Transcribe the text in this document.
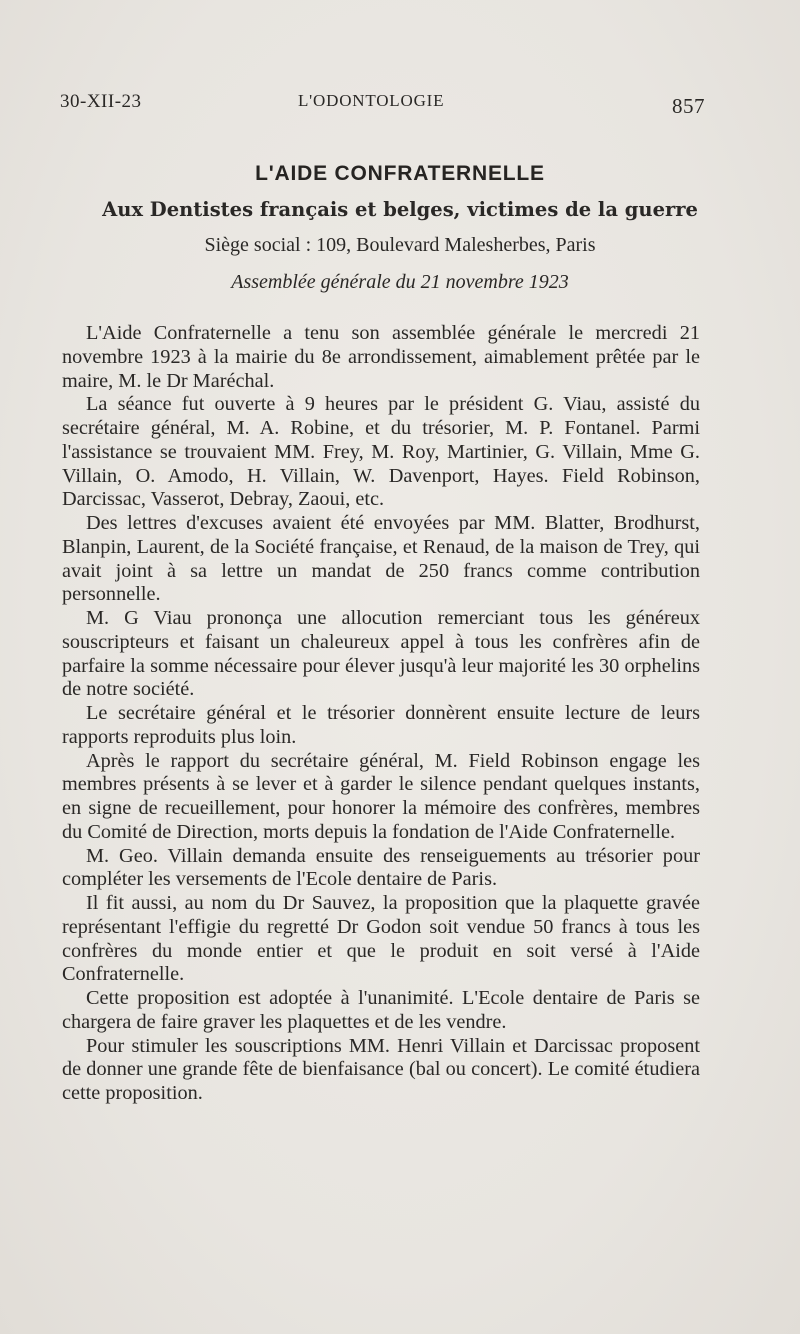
30-XII-23	L'ODONTOLOGIE	857
L'AIDE CONFRATERNELLE
Aux Dentistes français et belges, victimes de la guerre
Siège social : 109, Boulevard Malesherbes, Paris
Assemblée générale du 21 novembre 1923

L'Aide Confraternelle a tenu son assemblée générale le mercredi 21 novembre 1923 à la mairie du 8e arrondissement, aimablement prêtée par le maire, M. le Dr Maréchal.

La séance fut ouverte à 9 heures par le président G. Viau, assisté du secrétaire général, M. A. Robine, et du trésorier, M. P. Fontanel. Parmi l'assistance se trouvaient MM. Frey, M. Roy, Martinier, G. Villain, Mme G. Villain, O. Amodo, H. Villain, W. Davenport, Hayes. Field Robinson, Darcissac, Vasserot, Debray, Zaoui, etc.

Des lettres d'excuses avaient été envoyées par MM. Blatter, Brodhurst, Blanpin, Laurent, de la Société française, et Renaud, de la maison de Trey, qui avait joint à sa lettre un mandat de 250 francs comme contribution personnelle.

M. G Viau prononça une allocution remerciant tous les généreux souscripteurs et faisant un chaleureux appel à tous les confrères afin de parfaire la somme nécessaire pour élever jusqu'à leur majorité les 30 orphelins de notre société.

Le secrétaire général et le trésorier donnèrent ensuite lecture de leurs rapports reproduits plus loin.

Après le rapport du secrétaire général, M. Field Robinson engage les membres présents à se lever et à garder le silence pendant quelques instants, en signe de recueillement, pour honorer la mémoire des confrères, membres du Comité de Direction, morts depuis la fondation de l'Aide Confraternelle.

M. Geo. Villain demanda ensuite des renseiguements au trésorier pour compléter les versements de l'Ecole dentaire de Paris.

Il fit aussi, au nom du Dr Sauvez, la proposition que la plaquette gravée représentant l'effigie du regretté Dr Godon soit vendue 50 francs à tous les confrères du monde entier et que le produit en soit versé à l'Aide Confraternelle.

Cette proposition est adoptée à l'unanimité. L'Ecole dentaire de Paris se chargera de faire graver les plaquettes et de les vendre.

Pour stimuler les souscriptions MM. Henri Villain et Darcissac proposent de donner une grande fête de bienfaisance (bal ou concert). Le comité étudiera cette proposition.
